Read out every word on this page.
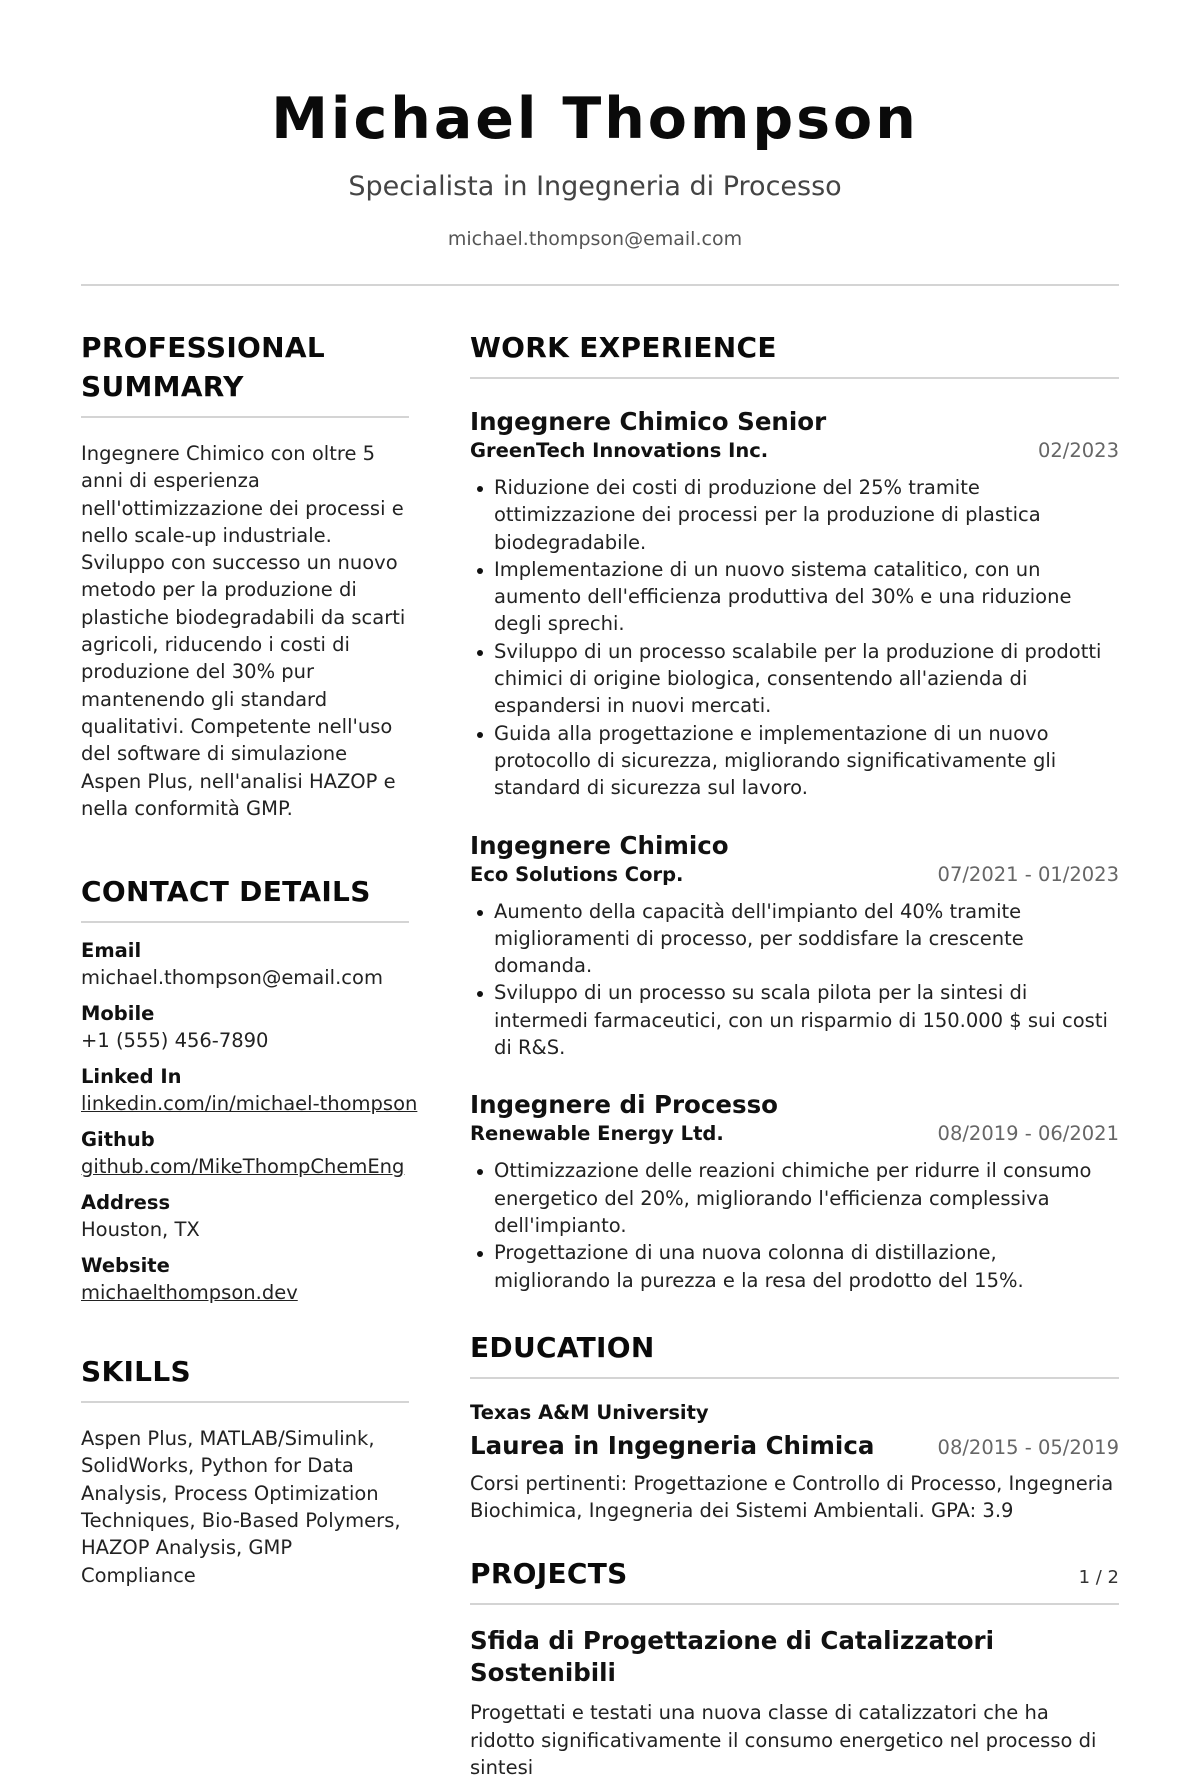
Michael Thompson
Specialista in Ingegneria di Processo
michael.thompson@email.com
PROFESSIONAL SUMMARY

Ingegnere Chimico con oltre 5 anni di esperienza nell'ottimizzazione dei processi e nello scale-up industriale. Sviluppo con successo un nuovo metodo per la produzione di plastiche biodegradabili da scarti agricoli, riducendo i costi di produzione del 30% pur mantenendo gli standard qualitativi. Competente nell'uso del software di simulazione Aspen Plus, nell'analisi HAZOP e nella conformità GMP.

CONTACT DETAILS
Email
michael.thompson@email.com
Mobile
+1 (555) 456-7890
Linked In
linkedin.com/in/michael-thompson
Github
github.com/MikeThompChemEng
Address
Houston, TX
Website
michaelthompson.dev
SKILLS

Aspen Plus, MATLAB/Simulink, SolidWorks, Python for Data Analysis, Process Optimization Techniques, Bio-Based Polymers, HAZOP Analysis, GMP Compliance

WORK EXPERIENCE
Ingegnere Chimico Senior
GreenTech Innovations Inc.	02/2023
Riduzione dei costi di produzione del 25% tramite ottimizzazione dei processi per la produzione di plastica biodegradabile.
Implementazione di un nuovo sistema catalitico, con un aumento dell'efficienza produttiva del 30% e una riduzione degli sprechi.
Sviluppo di un processo scalabile per la produzione di prodotti chimici di origine biologica, consentendo all'azienda di espandersi in nuovi mercati.
Guida alla progettazione e implementazione di un nuovo protocollo di sicurezza, migliorando significativamente gli standard di sicurezza sul lavoro.
Ingegnere Chimico
Eco Solutions Corp.	07/2021 - 01/2023
Aumento della capacità dell'impianto del 40% tramite miglioramenti di processo, per soddisfare la crescente domanda.
Sviluppo di un processo su scala pilota per la sintesi di intermedi farmaceutici, con un risparmio di 150.000 $ sui costi di R&S.
Ingegnere di Processo
Renewable Energy Ltd.	08/2019 - 06/2021
Ottimizzazione delle reazioni chimiche per ridurre il consumo energetico del 20%, migliorando l'efficienza complessiva dell'impianto.
Progettazione di una nuova colonna di distillazione, migliorando la purezza e la resa del prodotto del 15%.
EDUCATION
Texas A&M University
Laurea in Ingegneria Chimica	08/2015 - 05/2019

Corsi pertinenti: Progettazione e Controllo di Processo, Ingegneria Biochimica, Ingegneria dei Sistemi Ambientali. GPA: 3.9

PROJECTS
Sfida di Progettazione di Catalizzatori Sostenibili

Progettati e testati una nuova classe di catalizzatori che ha ridotto significativamente il consumo energetico nel processo di sintesi

1 / 2
